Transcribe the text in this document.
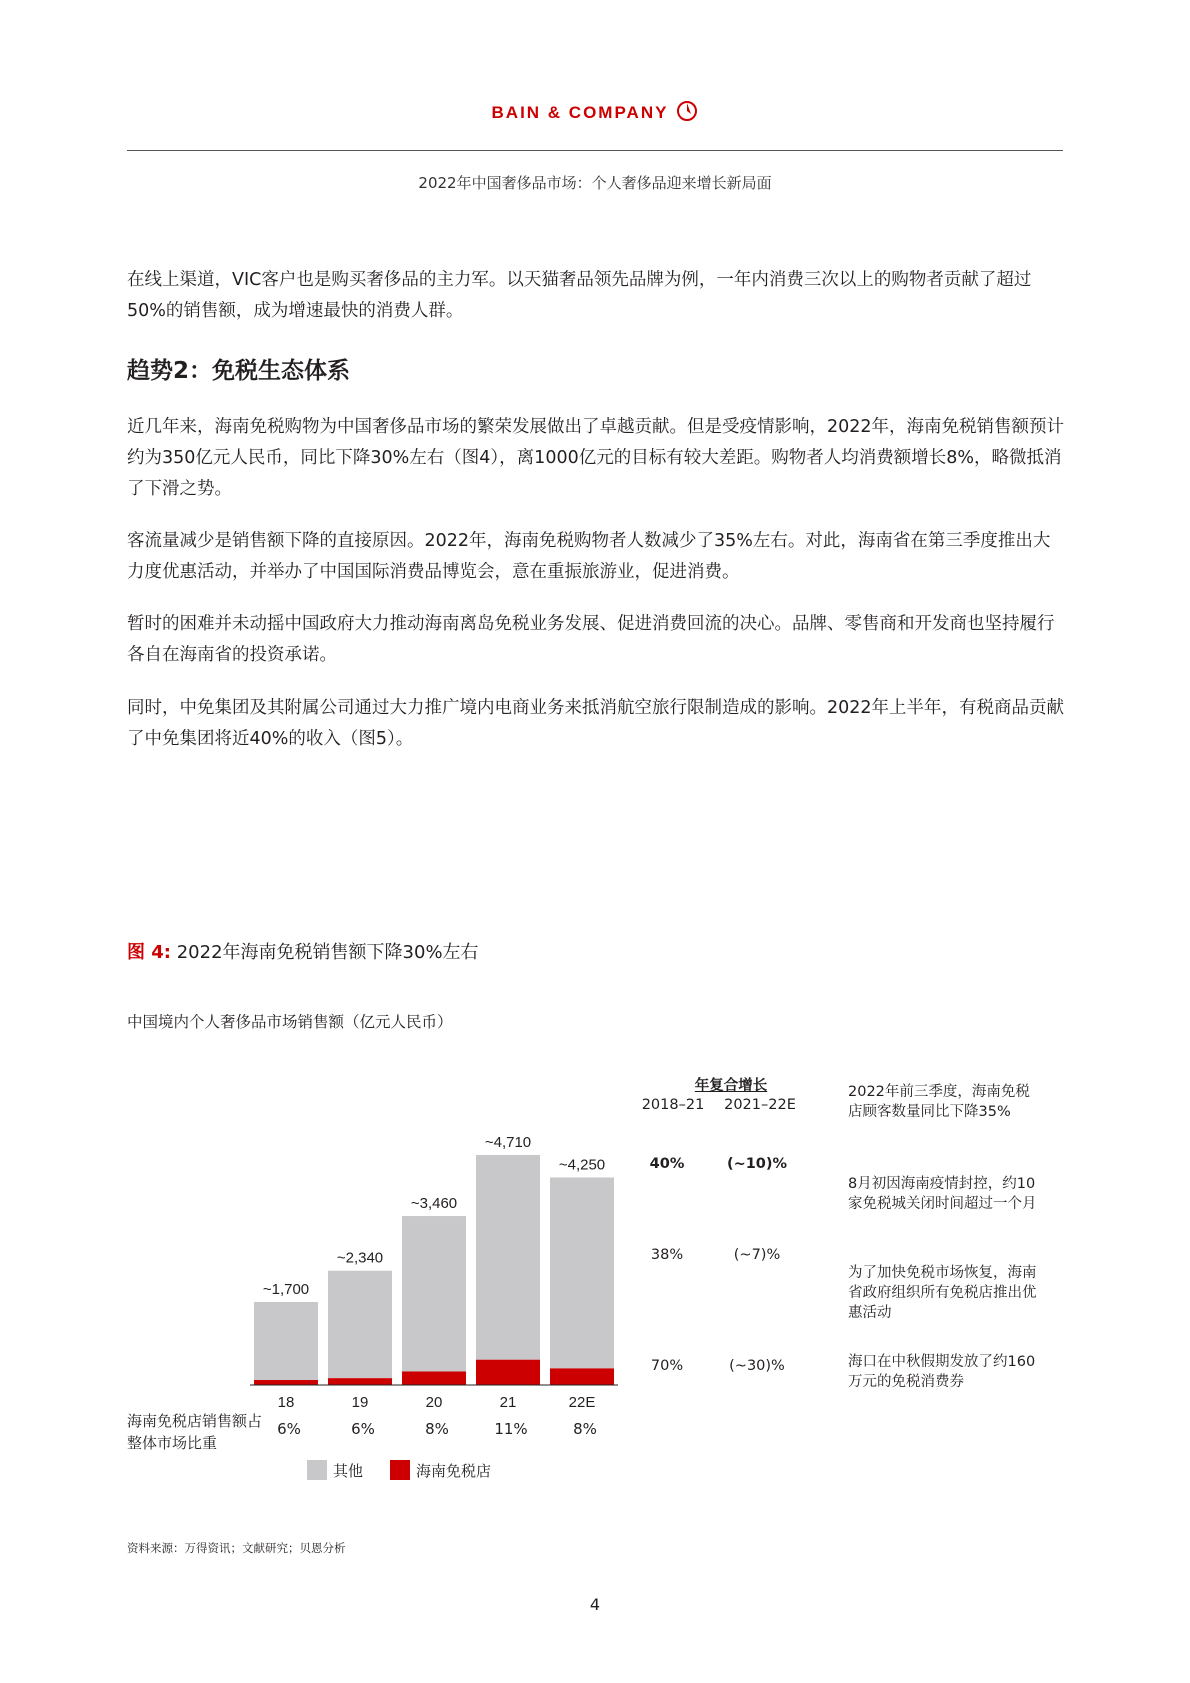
BAIN & COMPANY
2022年中国奢侈品市场：个人奢侈品迎来增长新局面

在线上渠道，VIC客户也是购买奢侈品的主力军。以天猫奢品领先品牌为例，一年内消费三次以上的购物者贡献了超过50%的销售额，成为增速最快的消费人群。

趋势2：免税生态体系

近几年来，海南免税购物为中国奢侈品市场的繁荣发展做出了卓越贡献。但是受疫情影响，2022年，海南免税销售额预计约为350亿元人民币，同比下降30%左右（图4），离1000亿元的目标有较大差距。购物者人均消费额增长8%，略微抵消了下滑之势。

客流量减少是销售额下降的直接原因。2022年，海南免税购物者人数减少了35%左右。对此，海南省在第三季度推出大力度优惠活动，并举办了中国国际消费品博览会，意在重振旅游业，促进消费。

暂时的困难并未动摇中国政府大力推动海南离岛免税业务发展、促进消费回流的决心。品牌、零售商和开发商也坚持履行各自在海南省的投资承诺。

同时，中免集团及其附属公司通过大力推广境内电商业务来抵消航空旅行限制造成的影响。2022年上半年，有税商品贡献了中免集团将近40%的收入（图5）。

图 4: 2022年海南免税销售额下降30%左右
中国境内个人奢侈品市场销售额（亿元人民币）
~1,700
18
~2,340
19
~3,460
20
~4,710
21
~4,250
22E
年复合增长
2018–21	2021–22E
40%	(~10)%
38%	(~7)%
70%	(~30)%
2022年前三季度，海南免税店顾客数量同比下降35%
8月初因海南疫情封控，约10家免税城关闭时间超过一个月
为了加快免税市场恢复，海南省政府组织所有免税店推出优惠活动
海口在中秋假期发放了约160万元的免税消费券
海南免税店销售额占整体市场比重
6%	6%	8%	11%	8%
其他	海南免税店
资料来源：万得资讯；文献研究；贝恩分析
4
